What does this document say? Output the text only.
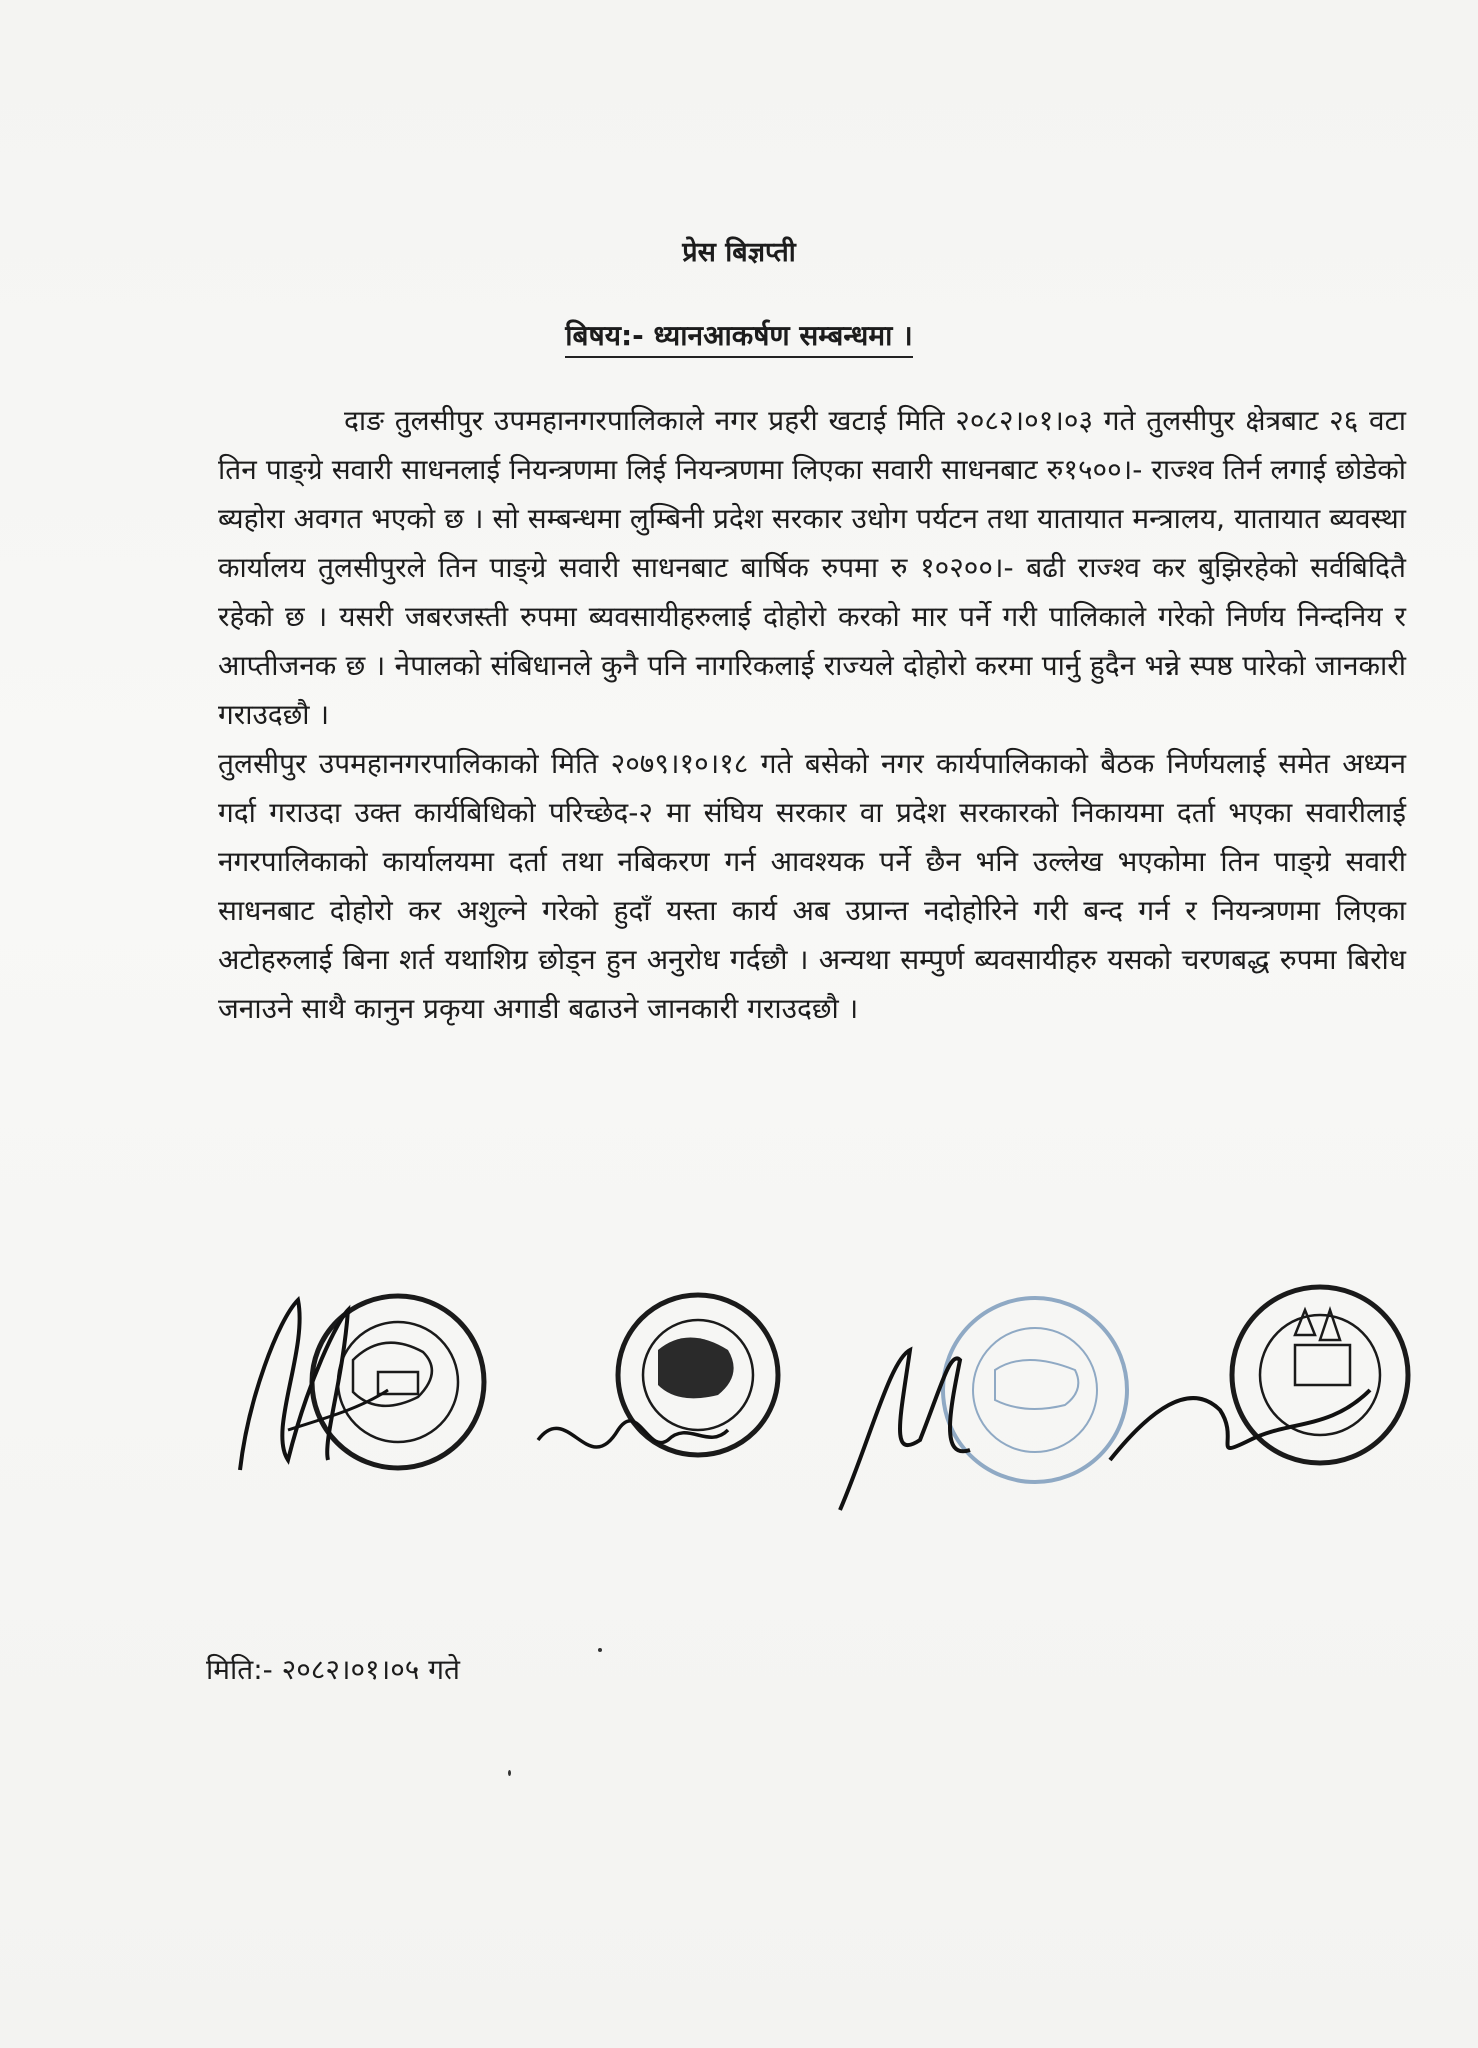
प्रेस बिज्ञप्ती
बिषय:- ध्यानआकर्षण सम्बन्धमा ।

दाङ तुलसीपुर उपमहानगरपालिकाले नगर प्रहरी खटाई मिति २०८२।०१।०३ गते तुलसीपुर क्षेत्रबाट २६ वटा तिन पाङ्ग्रे सवारी साधनलाई नियन्त्रणमा लिई नियन्त्रणमा लिएका सवारी साधनबाट रु१५००।- राज्श्व तिर्न लगाई छोडेको ब्यहोरा अवगत भएको छ । सो सम्बन्धमा लुम्बिनी प्रदेश सरकार उधोग पर्यटन तथा यातायात मन्त्रालय, यातायात ब्यवस्था कार्यालय तुलसीपुरले तिन पाङ्ग्रे सवारी साधनबाट बार्षिक रुपमा रु १०२००।- बढी राज्श्व कर बुझिरहेको सर्वबिदितै रहेको छ । यसरी जबरजस्ती रुपमा ब्यवसायीहरुलाई दोहोरो करको मार पर्ने गरी पालिकाले गरेको निर्णय निन्दनिय र आप्तीजनक छ । नेपालको संबिधानले कुनै पनि नागरिकलाई राज्यले दोहोरो करमा पार्नु हुदैन भन्ने स्पष्ठ पारेको जानकारी गराउदछौ ।

तुलसीपुर उपमहानगरपालिकाको मिति २०७९।१०।१८ गते बसेको नगर कार्यपालिकाको बैठक निर्णयलाई समेत अध्यन गर्दा गराउदा उक्त कार्यबिधिको परिच्छेद-२ मा संघिय सरकार वा प्रदेश सरकारको निकायमा दर्ता भएका सवारीलाई नगरपालिकाको कार्यालयमा दर्ता तथा नबिकरण गर्न आवश्यक पर्ने छैन भनि उल्लेख भएकोमा तिन पाङ्ग्रे सवारी साधनबाट दोहोरो कर अशुल्ने गरेको हुदाँ यस्ता कार्य अब उप्रान्त नदोहोरिने गरी बन्द गर्न र नियन्त्रणमा लिएका अटोहरुलाई बिना शर्त यथाशिग्र छोड्न हुन अनुरोध गर्दछौ । अन्यथा सम्पुर्ण ब्यवसायीहरु यसको चरणबद्ध रुपमा बिरोध जनाउने साथै कानुन प्रकृया अगाडी बढाउने जानकारी गराउदछौ ।

मिति:- २०८२।०१।०५ गते
